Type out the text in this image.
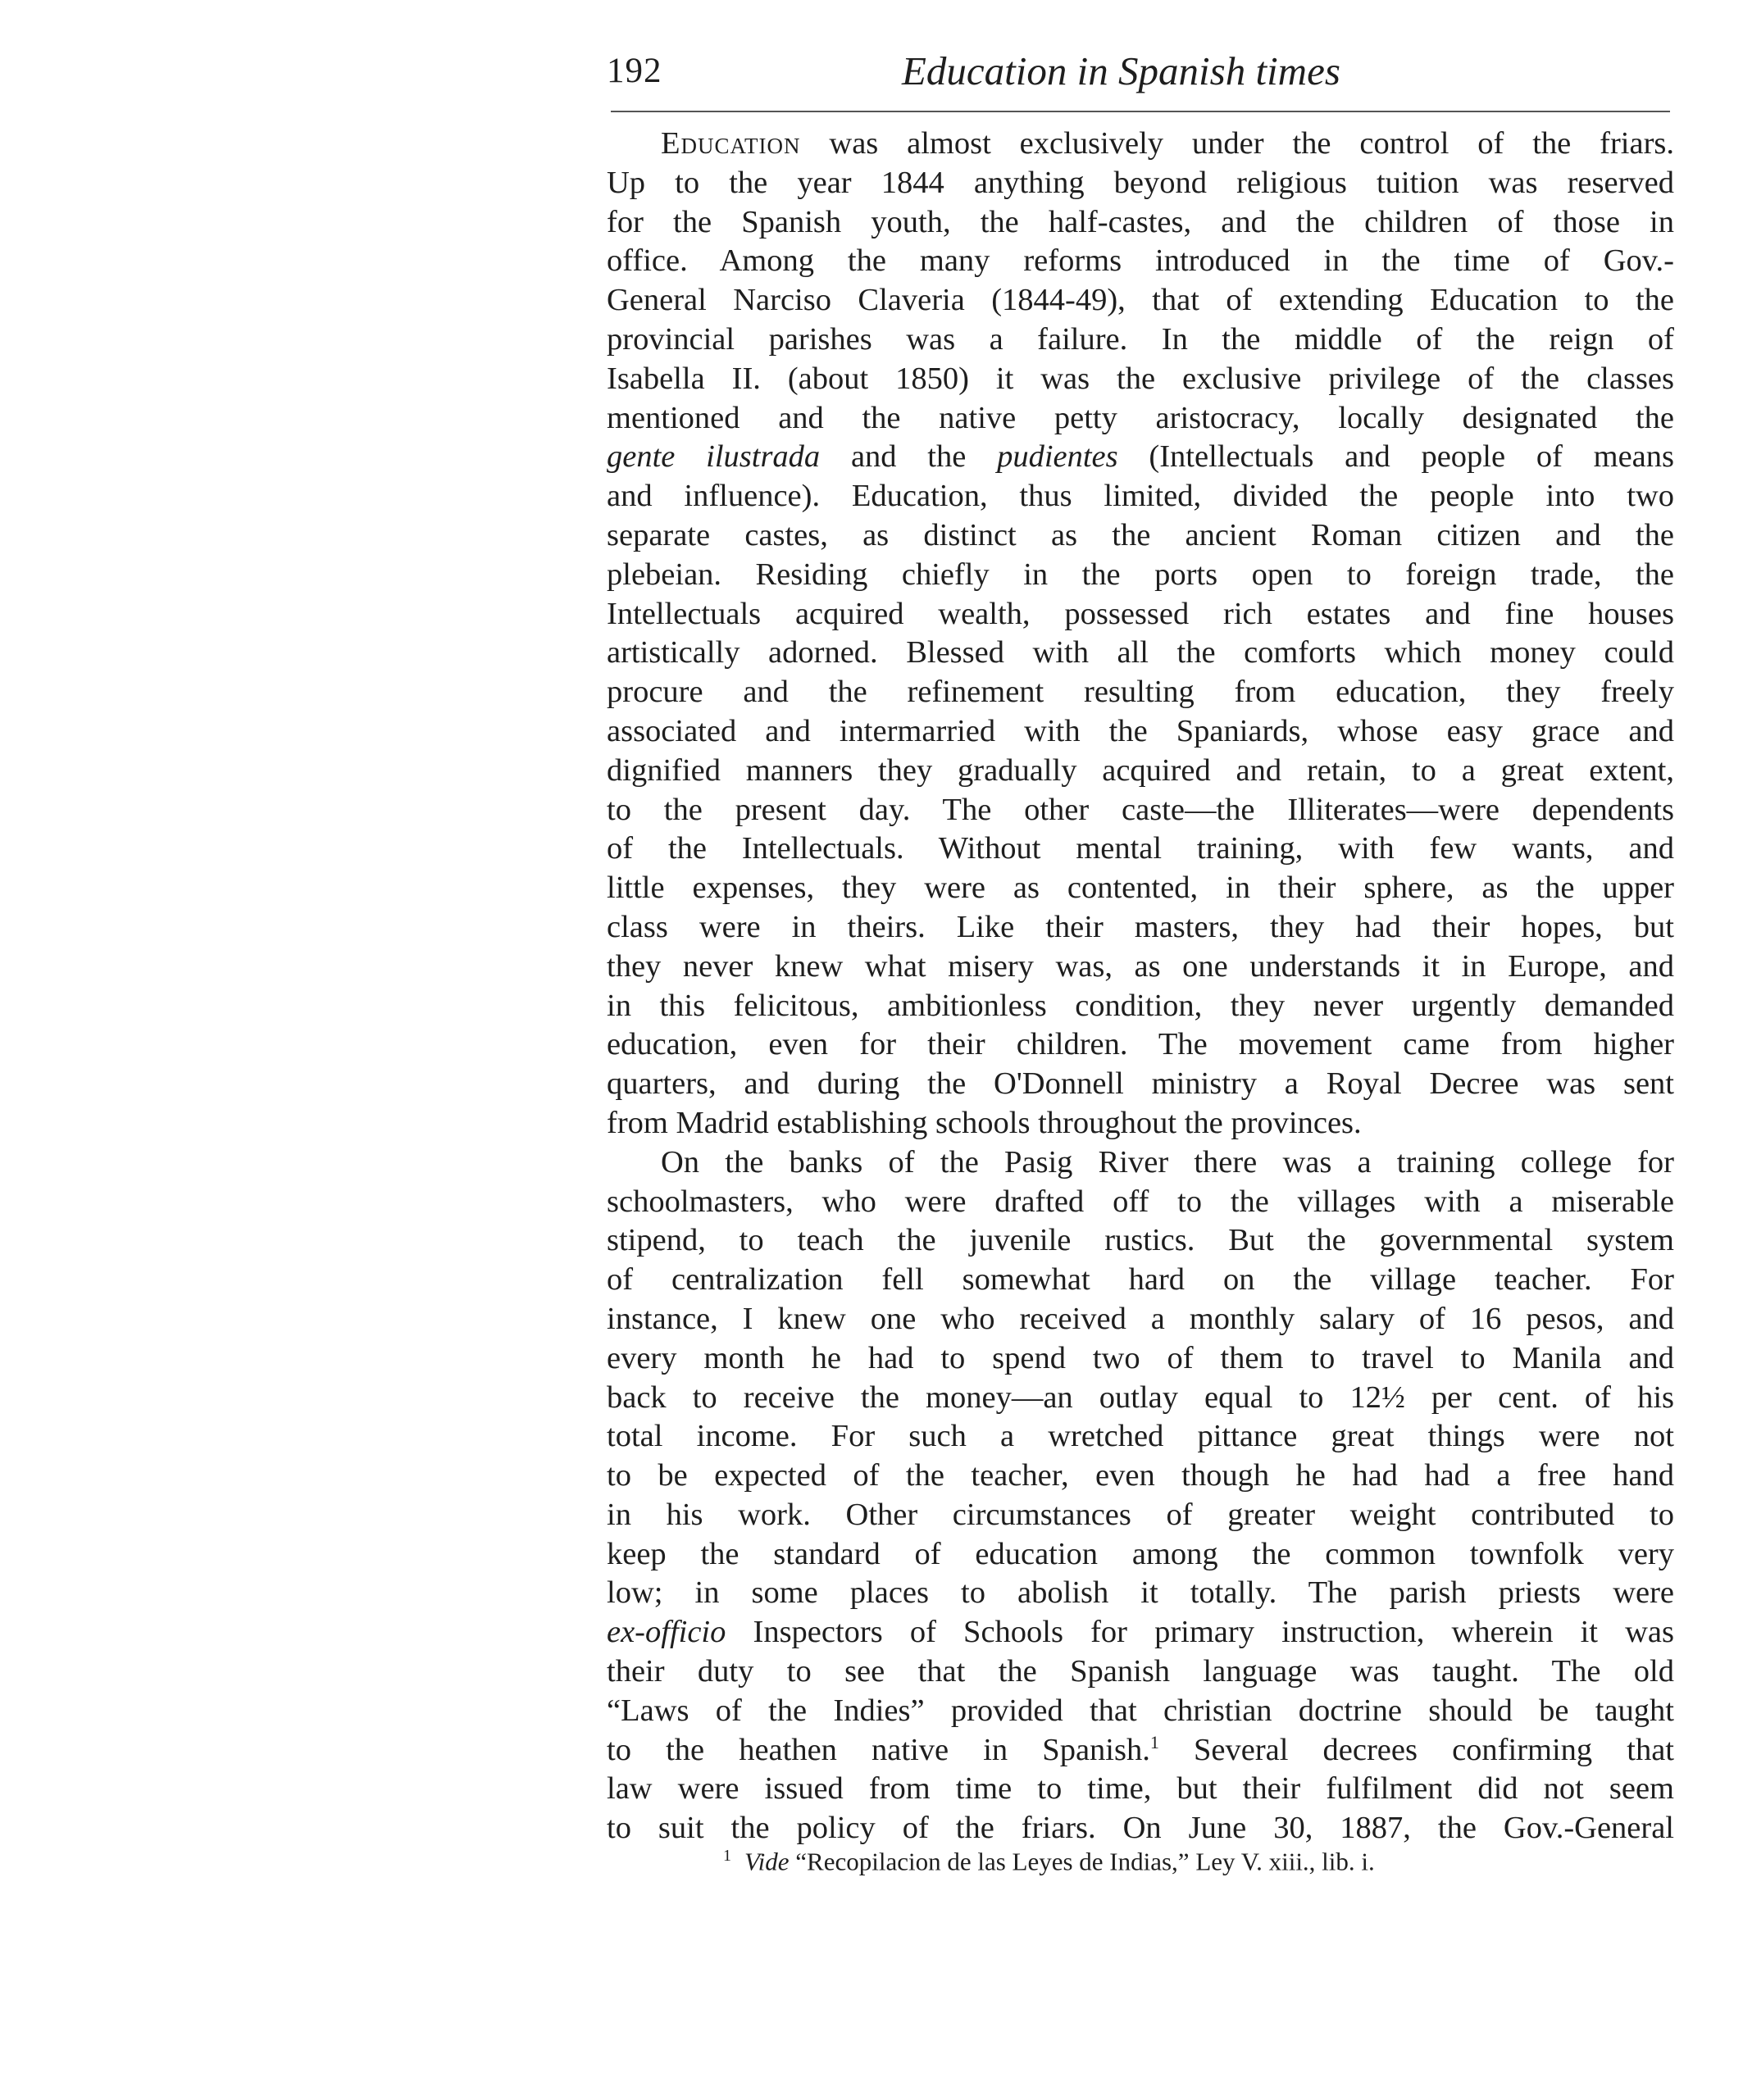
192	Education in Spanish times
Education was almost exclusively under the control of the friars.
Up to the year 1844 anything beyond religious tuition was reserved
for the Spanish youth, the half-castes, and the children of those in
office. Among the many reforms introduced in the time of Gov.-
General Narciso Claveria (1844-49), that of extending Education to the
provincial parishes was a failure. In the middle of the reign of
Isabella II. (about 1850) it was the exclusive privilege of the classes
mentioned and the native petty aristocracy, locally designated the
gente ilustrada and the pudientes (Intellectuals and people of means
and influence). Education, thus limited, divided the people into two
separate castes, as distinct as the ancient Roman citizen and the
plebeian. Residing chiefly in the ports open to foreign trade, the
Intellectuals acquired wealth, possessed rich estates and fine houses
artistically adorned. Blessed with all the comforts which money could
procure and the refinement resulting from education, they freely
associated and intermarried with the Spaniards, whose easy grace and
dignified manners they gradually acquired and retain, to a great extent,
to the present day. The other caste—the Illiterates—were dependents
of the Intellectuals. Without mental training, with few wants, and
little expenses, they were as contented, in their sphere, as the upper
class were in theirs. Like their masters, they had their hopes, but
they never knew what misery was, as one understands it in Europe, and
in this felicitous, ambitionless condition, they never urgently demanded
education, even for their children. The movement came from higher
quarters, and during the O'Donnell ministry a Royal Decree was sent
from Madrid establishing schools throughout the provinces.
On the banks of the Pasig River there was a training college for
schoolmasters, who were drafted off to the villages with a miserable
stipend, to teach the juvenile rustics. But the governmental system
of centralization fell somewhat hard on the village teacher. For
instance, I knew one who received a monthly salary of 16 pesos, and
every month he had to spend two of them to travel to Manila and
back to receive the money—an outlay equal to 12½ per cent. of his
total income. For such a wretched pittance great things were not
to be expected of the teacher, even though he had had a free hand
in his work. Other circumstances of greater weight contributed to
keep the standard of education among the common townfolk very
low; in some places to abolish it totally. The parish priests were
ex-officio Inspectors of Schools for primary instruction, wherein it was
their duty to see that the Spanish language was taught. The old
“Laws of the Indies” provided that christian doctrine should be taught
to the heathen native in Spanish.$^1$ Several decrees confirming that
law were issued from time to time, but their fulfilment did not seem
to suit the policy of the friars. On June 30, 1887, the Gov.-General
$^1$ Vide “Recopilacion de las Leyes de Indias,” Ley V. xiii., lib. i.
